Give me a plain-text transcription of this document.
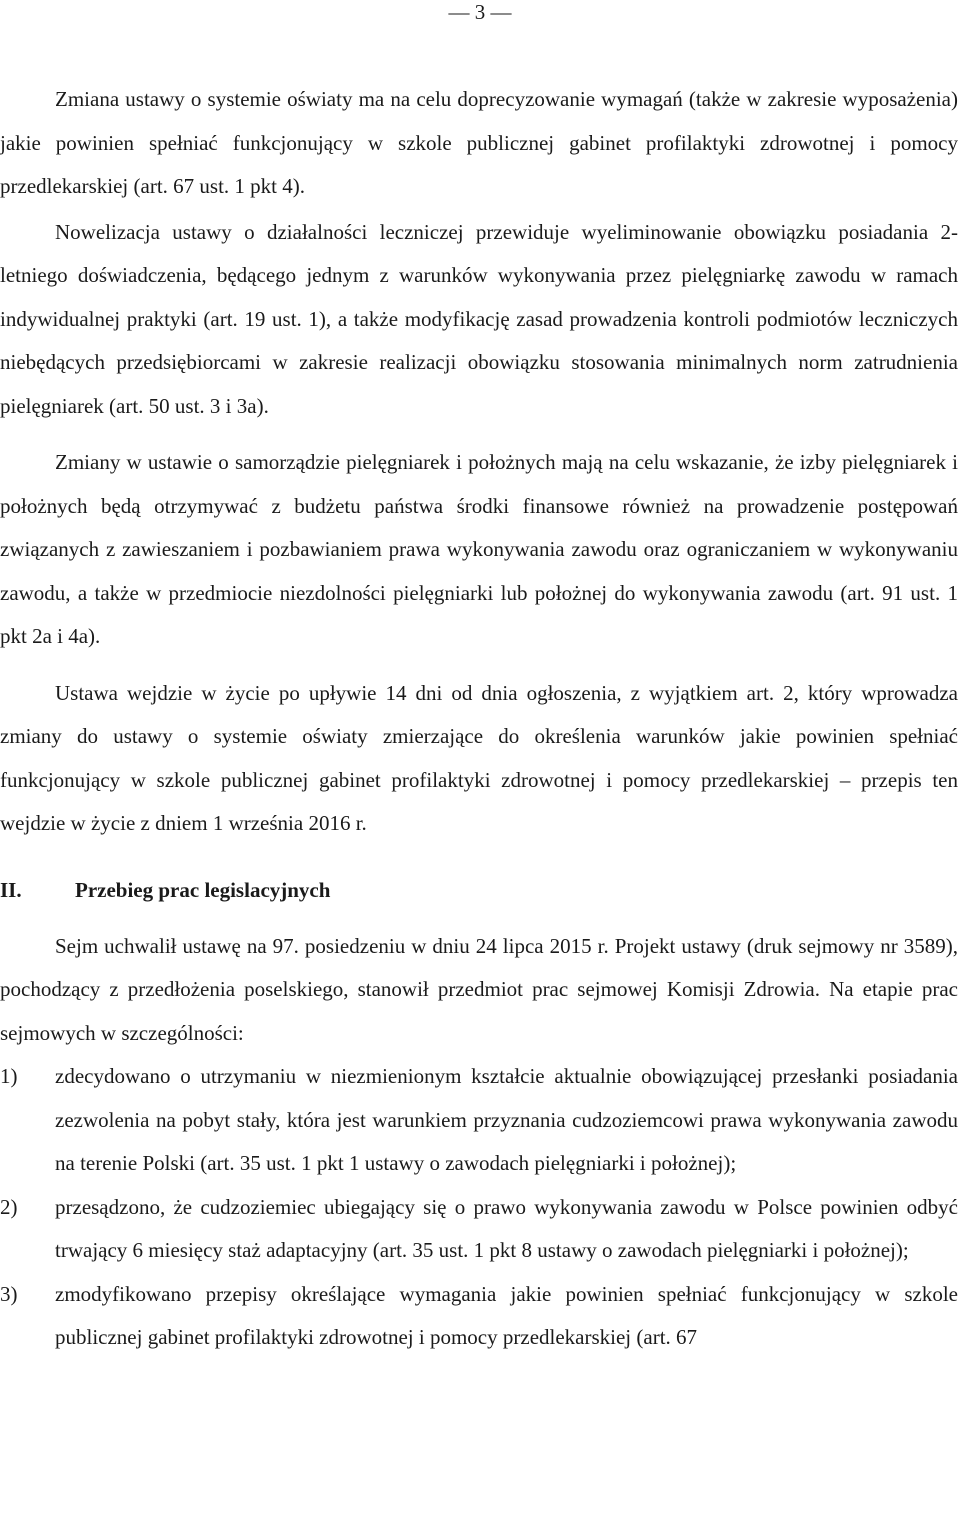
— 3 —

Zmiana ustawy o systemie oświaty ma na celu doprecyzowanie wymagań (także w zakresie wyposażenia) jakie powinien spełniać funkcjonujący w szkole publicznej gabinet profilaktyki zdrowotnej i pomocy przedlekarskiej (art. 67 ust. 1 pkt 4).

Nowelizacja ustawy o działalności leczniczej przewiduje wyeliminowanie obowiązku posiadania 2-letniego doświadczenia, będącego jednym z warunków wykonywania przez pielęgniarkę zawodu w ramach indywidualnej praktyki (art. 19 ust. 1), a także modyfikację zasad prowadzenia kontroli podmiotów leczniczych niebędących przedsiębiorcami w zakresie realizacji obowiązku stosowania minimalnych norm zatrudnienia pielęgniarek (art. 50 ust. 3 i 3a).

Zmiany w ustawie o samorządzie pielęgniarek i położnych mają na celu wskazanie, że izby pielęgniarek i położnych będą otrzymywać z budżetu państwa środki finansowe również na prowadzenie postępowań związanych z zawieszaniem i pozbawianiem prawa wykonywania zawodu oraz ograniczaniem w wykonywaniu zawodu, a także w przedmiocie niezdolności pielęgniarki lub położnej do wykonywania zawodu (art. 91 ust. 1 pkt 2a i 4a).

Ustawa wejdzie w życie po upływie 14 dni od dnia ogłoszenia, z wyjątkiem art. 2, który wprowadza zmiany do ustawy o systemie oświaty zmierzające do określenia warunków jakie powinien spełniać funkcjonujący w szkole publicznej gabinet profilaktyki zdrowotnej i pomocy przedlekarskiej – przepis ten wejdzie w życie z dniem 1 września 2016 r.

II.	Przebieg prac legislacyjnych

Sejm uchwalił ustawę na 97. posiedzeniu w dniu 24 lipca 2015 r. Projekt ustawy (druk sejmowy nr 3589), pochodzący z przedłożenia poselskiego, stanowił przedmiot prac sejmowej Komisji Zdrowia. Na etapie prac sejmowych w szczególności:

1)	zdecydowano o utrzymaniu w niezmienionym kształcie aktualnie obowiązującej przesłanki posiadania zezwolenia na pobyt stały, która jest warunkiem przyznania cudzoziemcowi prawa wykonywania zawodu na terenie Polski (art. 35 ust. 1 pkt 1 ustawy o zawodach pielęgniarki i położnej);
2)	przesądzono, że cudzoziemiec ubiegający się o prawo wykonywania zawodu w Polsce powinien odbyć trwający 6 miesięcy staż adaptacyjny (art. 35 ust. 1 pkt 8 ustawy o zawodach pielęgniarki i położnej);
3)	zmodyfikowano przepisy określające wymagania jakie powinien spełniać funkcjonujący w szkole publicznej gabinet profilaktyki zdrowotnej i pomocy przedlekarskiej (art. 67
